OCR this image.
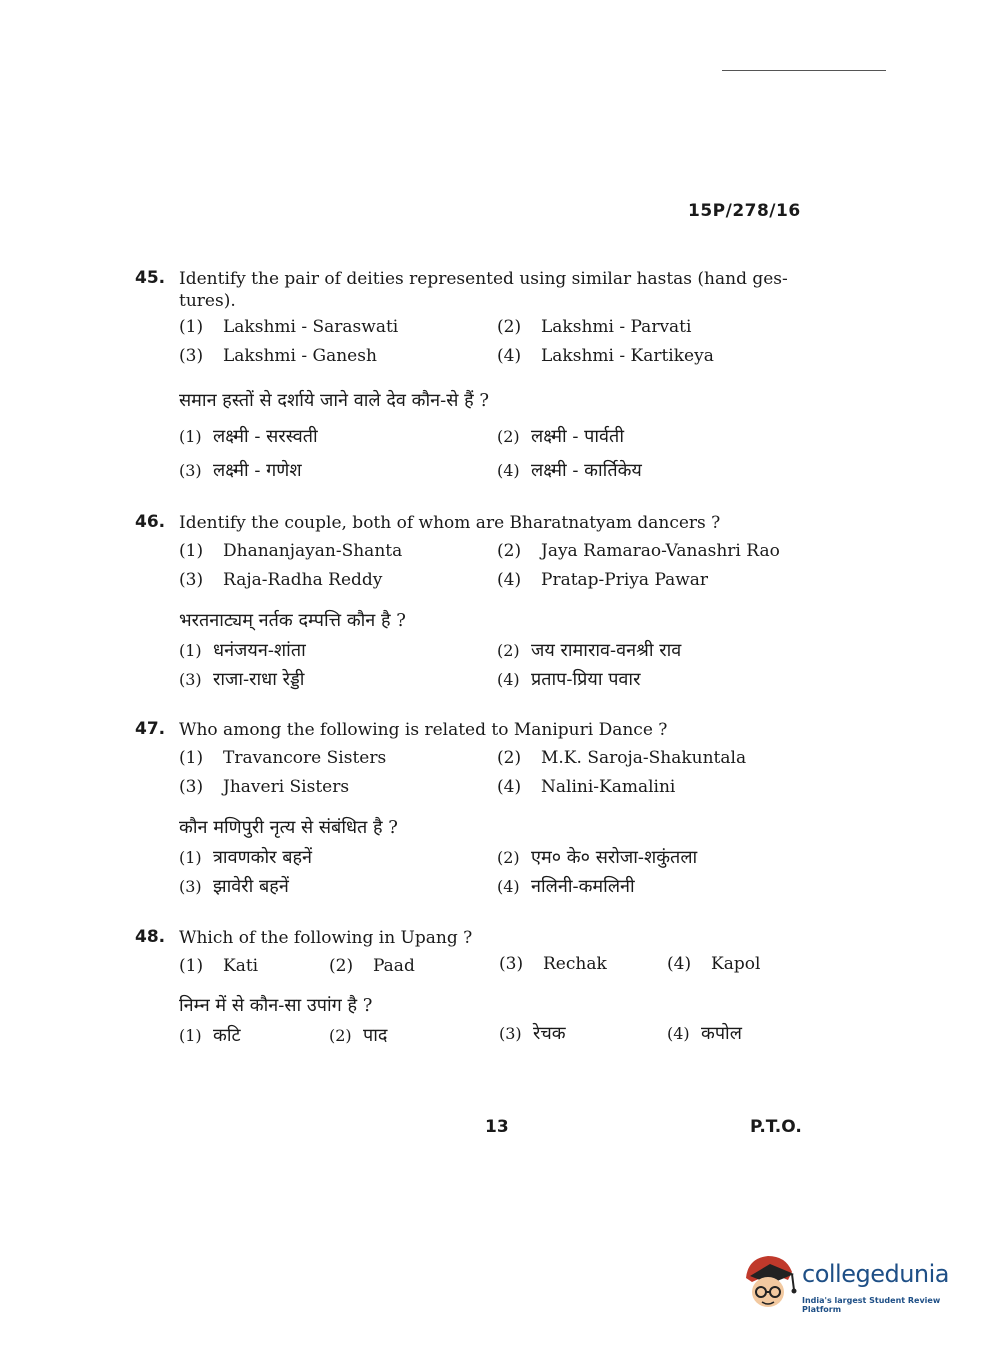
15P/278/16
45. Identify the pair of deities represented using similar hastas (hand ges-tures).
(1) Lakshmi - Saraswati	(2) Lakshmi - Parvati
(3) Lakshmi - Ganesh	(4) Lakshmi - Kartikeya
समान हस्तों से दर्शाये जाने वाले देव कौन-से हैं ?
(1) लक्ष्मी - सरस्वती	(2) लक्ष्मी - पार्वती
(3) लक्ष्मी - गणेश	(4) लक्ष्मी - कार्तिकेय
46. Identify the couple, both of whom are Bharatnatyam dancers ?
(1) Dhananjayan-Shanta	(2) Jaya Ramarao-Vanashri Rao
(3) Raja-Radha Reddy	(4) Pratap-Priya Pawar
भरतनाट्यम् नर्तक दम्पत्ति कौन है ?
(1) धनंजयन-शांता	(2) जय रामाराव-वनश्री राव
(3) राजा-राधा रेड्डी	(4) प्रताप-प्रिया पवार
47. Who among the following is related to Manipuri Dance ?
(1) Travancore Sisters	(2) M.K. Saroja-Shakuntala
(3) Jhaveri Sisters	(4) Nalini-Kamalini
कौन मणिपुरी नृत्य से संबंधित है ?
(1) त्रावणकोर बहनें	(2) एम० के० सरोजा-शकुंतला
(3) झावेरी बहनें	(4) नलिनी-कमलिनी
48. Which of the following in Upang ?
(1) Kati	(2) Paad	(3) Rechak	(4) Kapol
निम्न में से कौन-सा उपांग है ?
(1) कटि	(2) पाद	(3) रेचक	(4) कपोल
13	P.T.O.
collegedunia
India's largest Student Review Platform
